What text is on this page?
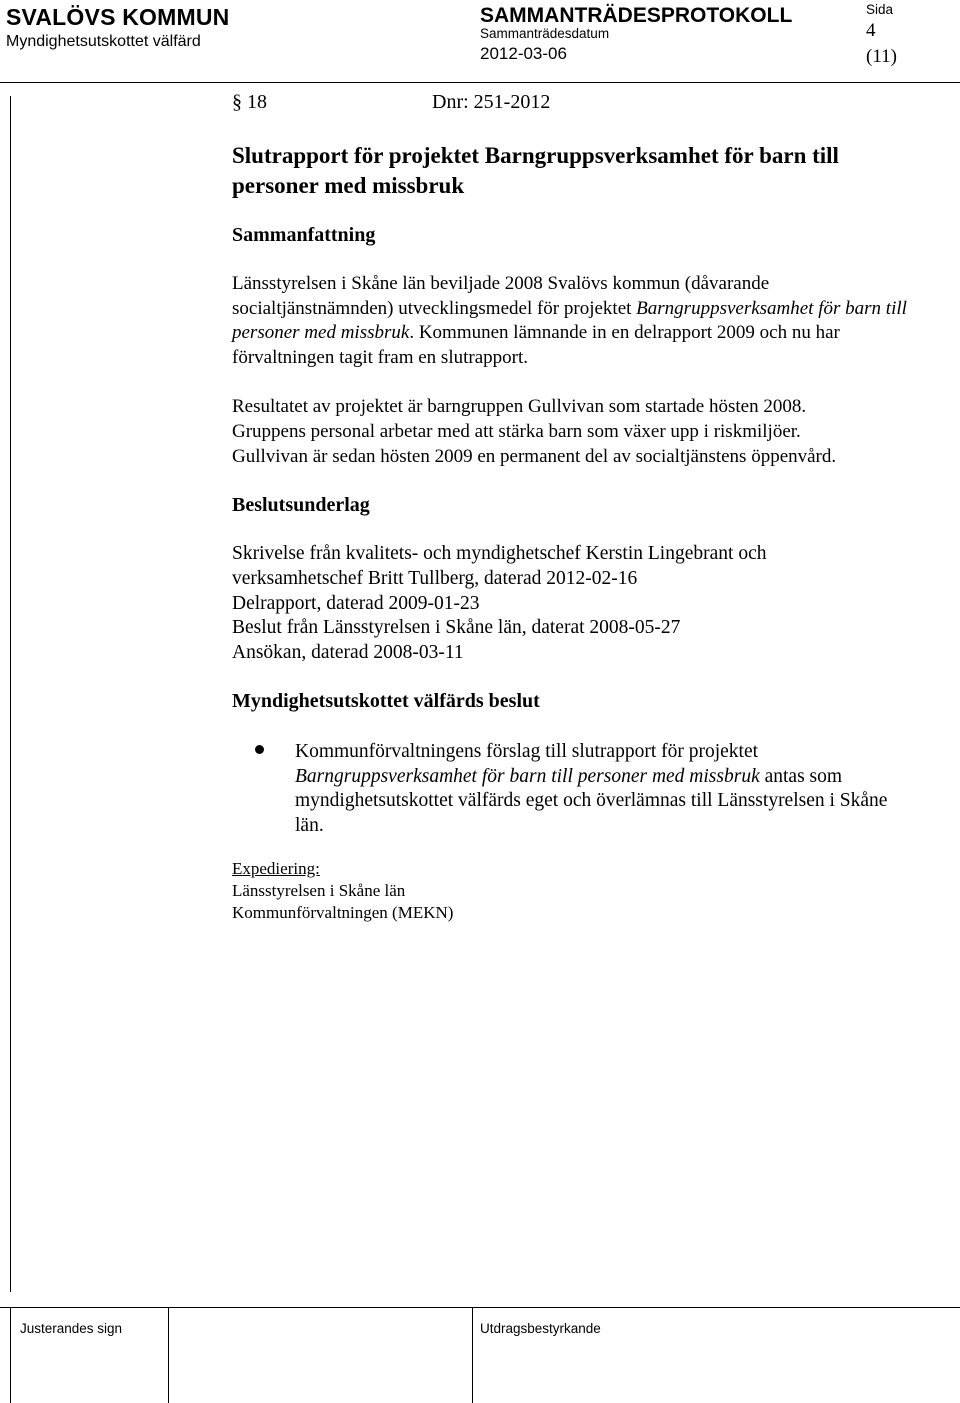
SVALÖVS KOMMUN
Myndighetsutskottet välfärd
SAMMANTRÄDESPROTOKOLL
Sammanträdesdatum
2012-03-06
Sida
4
(11)
§ 18	Dnr: 251-2012
Slutrapport för projektet Barngruppsverksamhet för barn till personer med missbruk
Sammanfattning
Länsstyrelsen i Skåne län beviljade 2008 Svalövs kommun (dåvarande socialtjänstnämnden) utvecklingsmedel för projektet Barngruppsverksamhet för barn till personer med missbruk. Kommunen lämnande in en delrapport 2009 och nu har förvaltningen tagit fram en slutrapport.
Resultatet av projektet är barngruppen Gullvivan som startade hösten 2008.
Gruppens personal arbetar med att stärka barn som växer upp i riskmiljöer.
Gullvivan är sedan hösten 2009 en permanent del av socialtjänstens öppenvård.
Beslutsunderlag
Skrivelse från kvalitets- och myndighetschef Kerstin Lingebrant och
verksamhetschef Britt Tullberg, daterad 2012-02-16
Delrapport, daterad 2009-01-23
Beslut från Länsstyrelsen i Skåne län, daterat 2008-05-27
Ansökan, daterad 2008-03-11
Myndighetsutskottet välfärds beslut
Kommunförvaltningens förslag till slutrapport för projektet Barngruppsverksamhet för barn till personer med missbruk antas som myndighetsutskottet välfärds eget och överlämnas till Länsstyrelsen i Skåne län.
Expediering:
Länsstyrelsen i Skåne län
Kommunförvaltningen (MEKN)
Justerandes sign	Utdragsbestyrkande
